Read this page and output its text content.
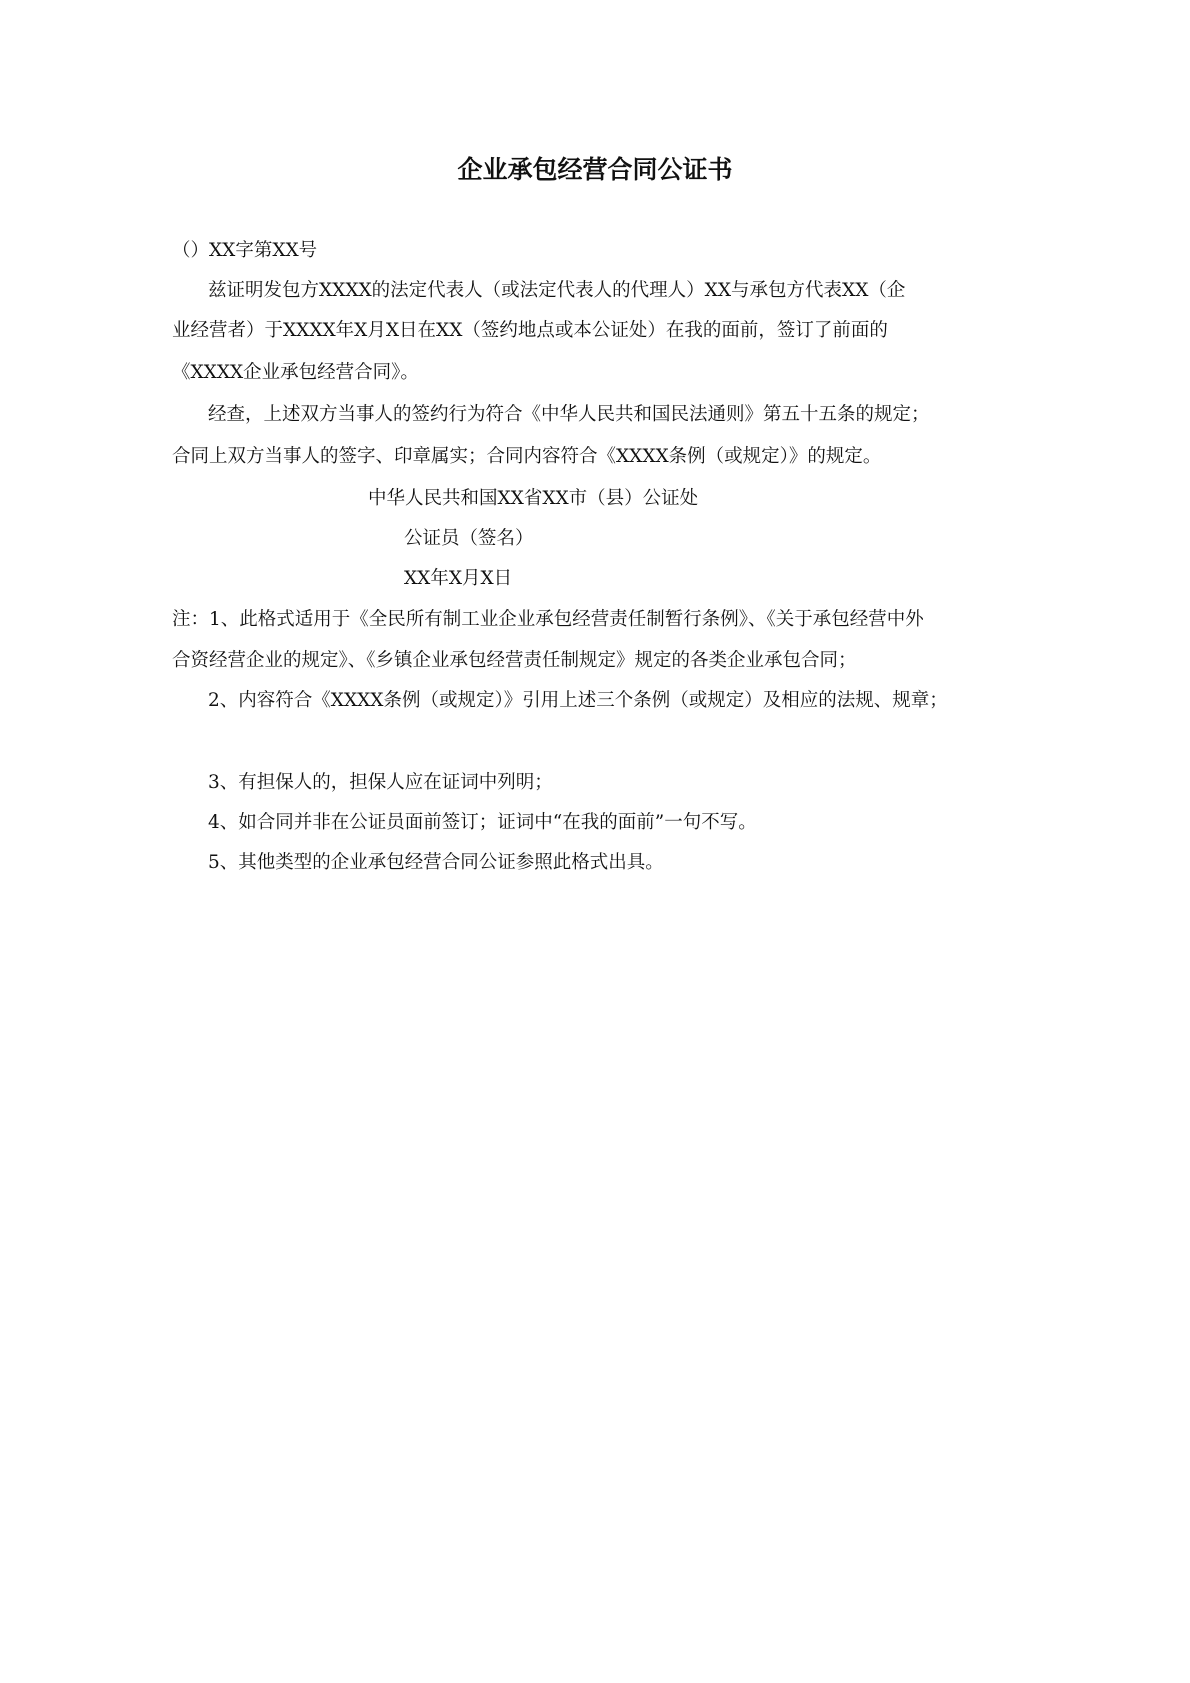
企业承包经营合同公证书
（）XX字第XX号
兹证明发包方XXXX的法定代表人（或法定代表人的代理人）XX与承包方代表XX（企
业经营者）于XXXX年X月X日在XX（签约地点或本公证处）在我的面前，签订了前面的
《XXXX企业承包经营合同》。
经查，上述双方当事人的签约行为符合《中华人民共和国民法通则》第五十五条的规定；
合同上双方当事人的签字、印章属实；合同内容符合《XXXX条例（或规定）》的规定。
中华人民共和国XX省XX市（县）公证处
公证员（签名）
XX年X月X日
注：1、此格式适用于《全民所有制工业企业承包经营责任制暂行条例》、《关于承包经营中外
合资经营企业的规定》、《乡镇企业承包经营责任制规定》规定的各类企业承包合同；
2、内容符合《XXXX条例（或规定）》引用上述三个条例（或规定）及相应的法规、规章；
3、有担保人的，担保人应在证词中列明；
4、如合同并非在公证员面前签订；证词中“在我的面前”一句不写。
5、其他类型的企业承包经营合同公证参照此格式出具。
